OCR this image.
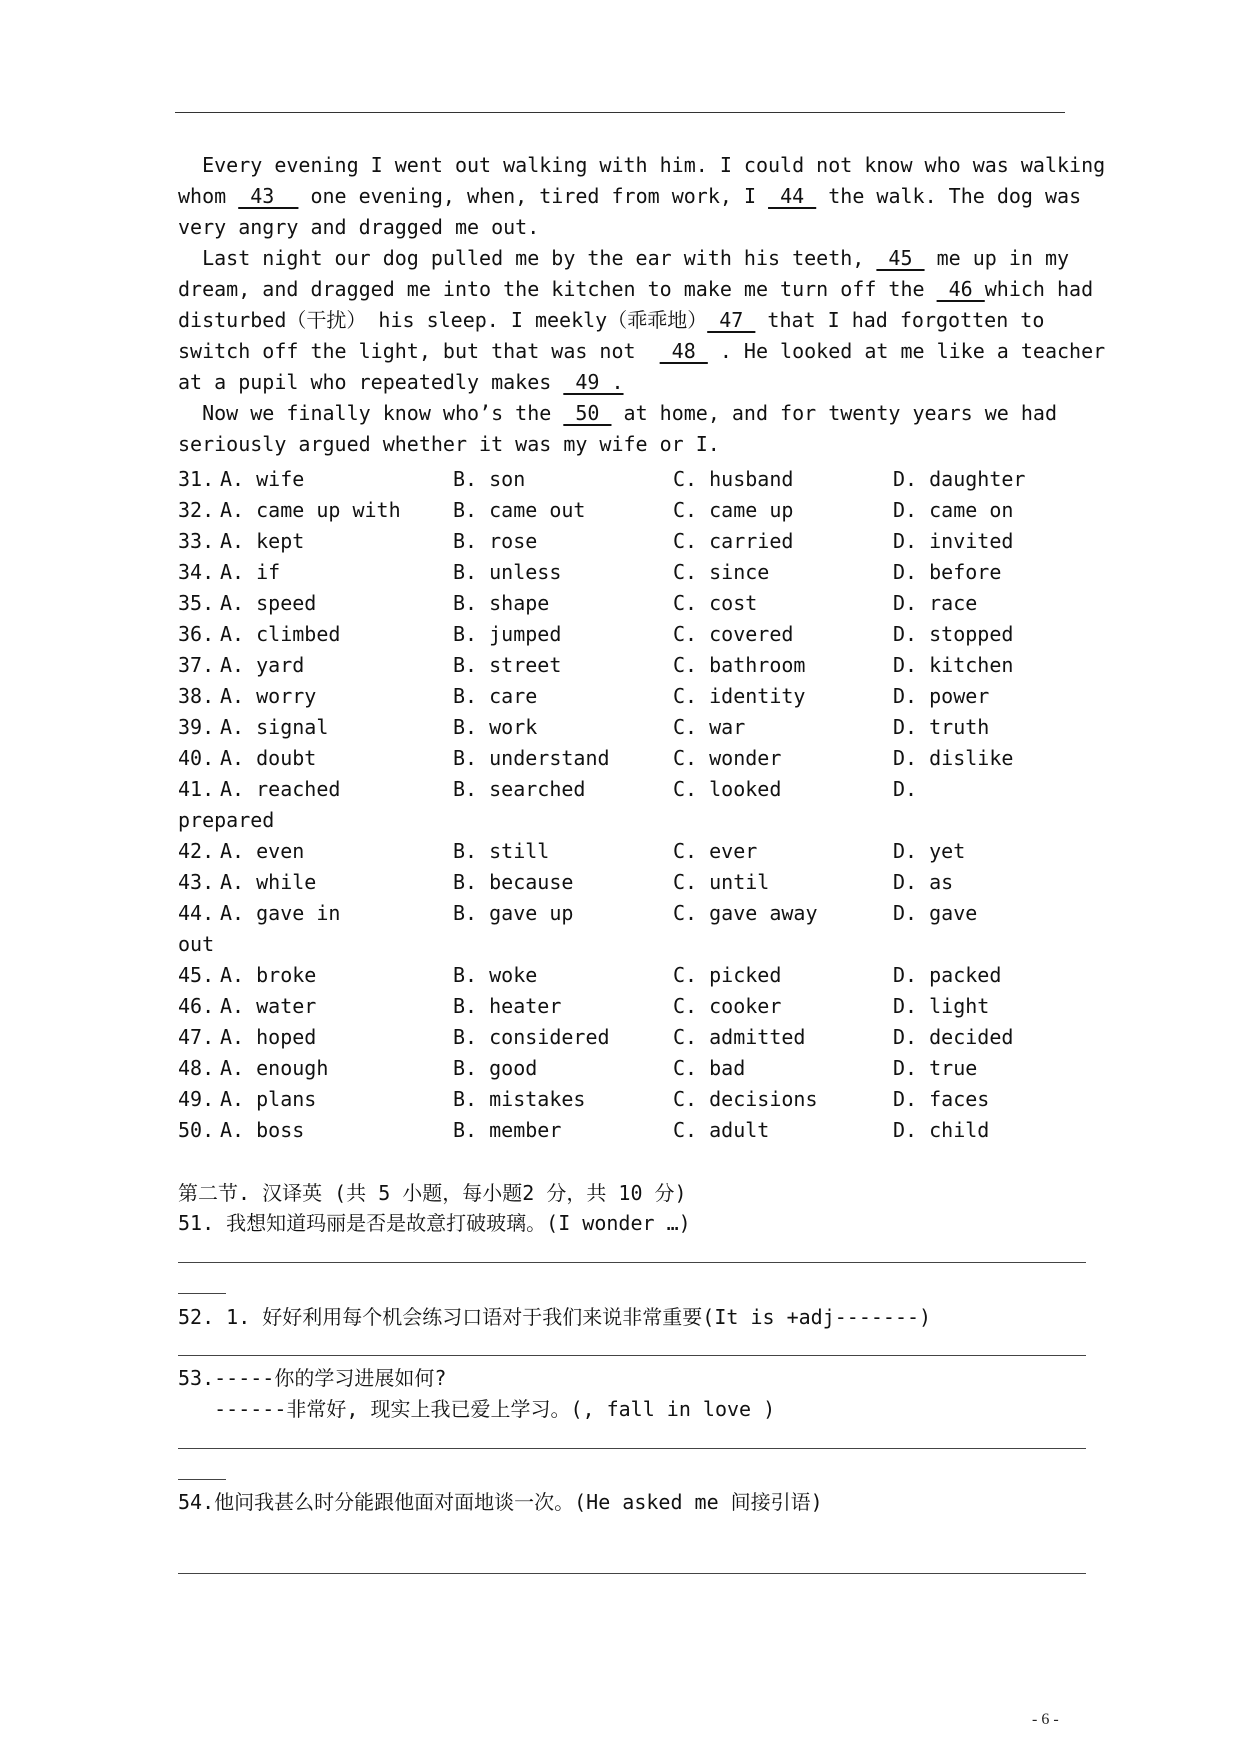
Every evening I went out walking with him. I could not know who was walking
whom  43_  one evening, when, tired from work, I  44  the walk. The dog was
very angry and dragged me out.
Last night our dog pulled me by the ear with his teeth,  45  me up in my
dream, and dragged me into the kitchen to make me turn off the  46 which had
disturbed（干扰） his sleep. I meekly（乖乖地） 47  that I had forgotten to
switch off the light, but that was not   48  . He looked at me like a teacher
at a pupil who repeatedly makes  49 .
Now we finally know who’s the  50  at home, and for twenty years we had
seriously argued whether it was my wife or I.
31. A. wife	B. son	C. husband	D. daughter
32. A. came up with	B. came out	C. came up	D. came on
33. A. kept	B. rose	C. carried	D. invited
34. A. if	B. unless	C. since	D. before
35. A. speed	B. shape	C. cost	D. race
36. A. climbed	B. jumped	C. covered	D. stopped
37. A. yard	B. street	C. bathroom	D. kitchen
38. A. worry	B. care	C. identity	D. power
39. A. signal	B. work	C. war	D. truth
40. A. doubt	B. understand	C. wonder	D. dislike
41. A. reached	B. searched	C. looked	D.
prepared
42. A. even	B. still	C. ever	D. yet
43. A. while	B. because	C. until	D. as
44. A. gave in	B. gave up	C. gave away	D. gave
out
45. A. broke	B. woke	C. picked	D. packed
46. A. water	B. heater	C. cooker	D. light
47. A. hoped	B. considered	C. admitted	D. decided
48. A. enough	B. good	C. bad	D. true
49. A. plans	B. mistakes	C. decisions	D. faces
50. A. boss	B. member	C. adult	D. child
第二节. 汉译英 (共 5 小题，每小题2 分，共 10 分)
51. 我想知道玛丽是否是故意打破玻璃。(I wonder …)
52. 1. 好好利用每个机会练习口语对于我们来说非常重要(It is +adj-------)
53.-----你的学习进展如何?
------非常好, 现实上我已爱上学习。(, fall in love )
54.他问我甚么时分能跟他面对面地谈一次。(He asked me 间接引语)
- 6 -
